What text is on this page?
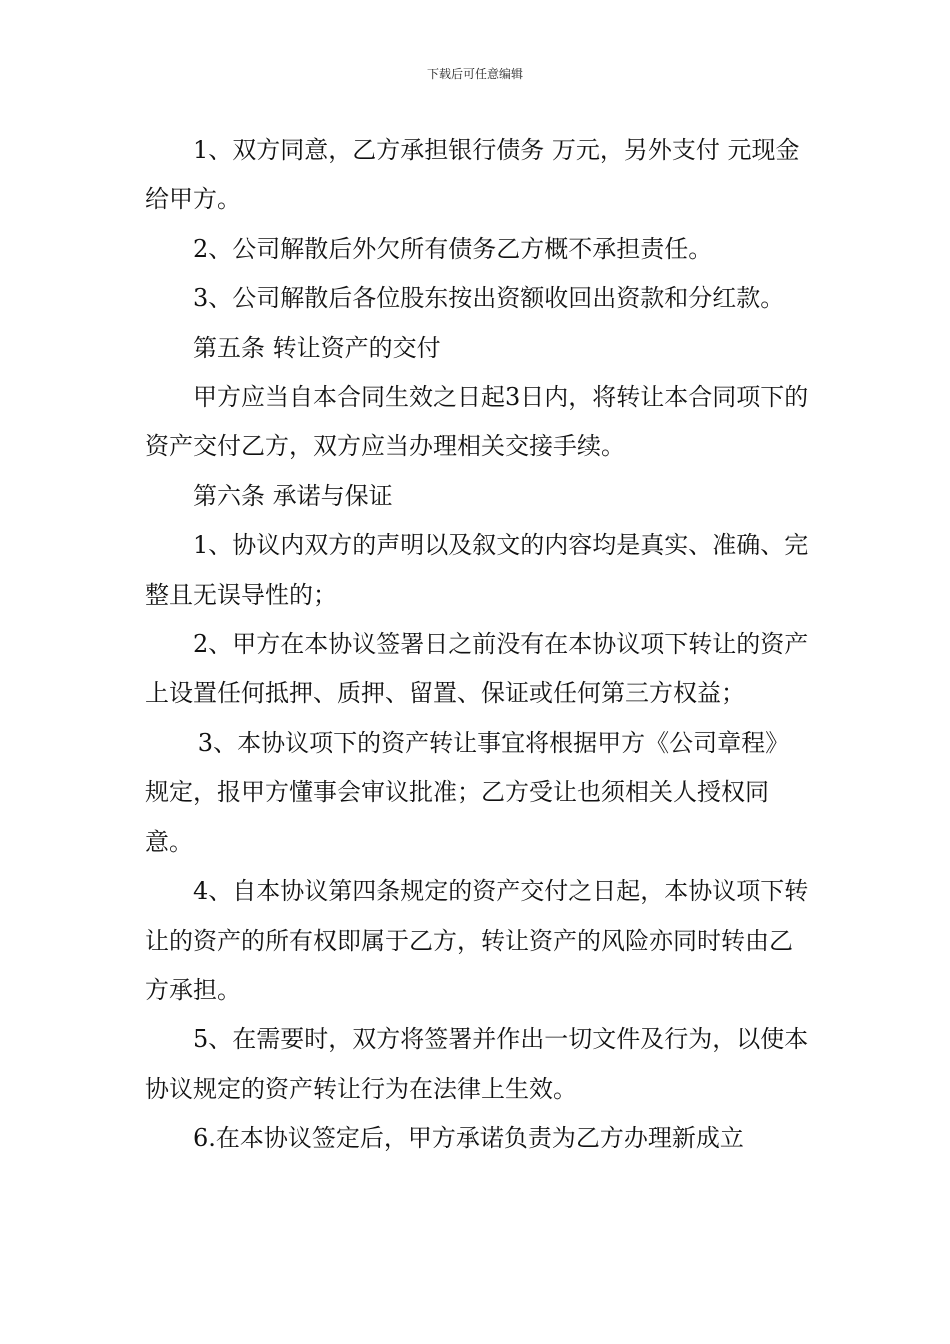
下载后可任意编辑

1、双方同意，乙方承担银行债务 万元，另外支付 元现金给甲方。

2、公司解散后外欠所有债务乙方概不承担责任。

3、公司解散后各位股东按出资额收回出资款和分红款。

第五条 转让资产的交付

甲方应当自本合同生效之日起3日内，将转让本合同项下的资产交付乙方，双方应当办理相关交接手续。

第六条 承诺与保证

1、协议内双方的声明以及叙文的内容均是真实、准确、完整且无误导性的；

2、甲方在本协议签署日之前没有在本协议项下转让的资产上设置任何抵押、质押、留置、保证或任何第三方权益；

3、本协议项下的资产转让事宜将根据甲方《公司章程》规定，报甲方懂事会审议批准；乙方受让也须相关人授权同意。

4、自本协议第四条规定的资产交付之日起，本协议项下转让的资产的所有权即属于乙方，转让资产的风险亦同时转由乙方承担。

5、在需要时，双方将签署并作出一切文件及行为，以使本协议规定的资产转让行为在法律上生效。

6.在本协议签定后，甲方承诺负责为乙方办理新成立
